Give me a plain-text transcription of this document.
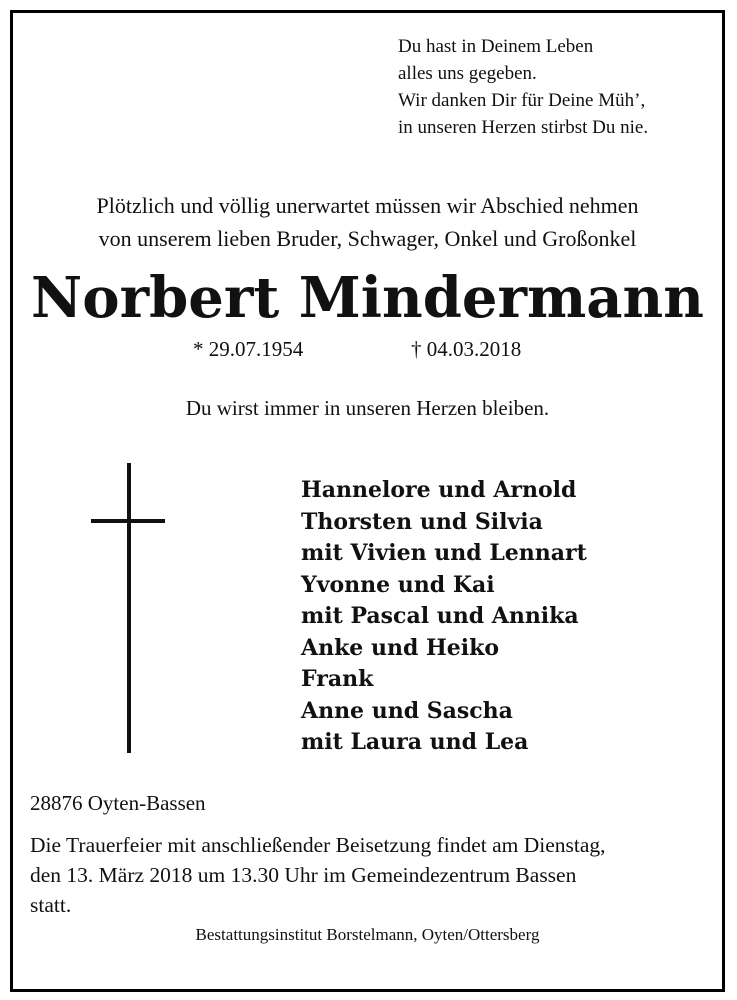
Du hast in Deinem Leben
alles uns gegeben.
Wir danken Dir für Deine Müh’,
in unseren Herzen stirbst Du nie.
Plötzlich und völlig unerwartet müssen wir Abschied nehmen
von unserem lieben Bruder, Schwager, Onkel und Großonkel
Norbert Mindermann
* 29.07.1954	† 04.03.2018
Du wirst immer in unseren Herzen bleiben.
Hannelore und Arnold
Thorsten und Silvia
mit Vivien und Lennart
Yvonne und Kai
mit Pascal und Annika
Anke und Heiko
Frank
Anne und Sascha
mit Laura und Lea
28876 Oyten-Bassen
Die Trauerfeier mit anschließender Beisetzung findet am Dienstag,
den 13. März 2018 um 13.30 Uhr im Gemeindezentrum Bassen
statt.
Bestattungsinstitut Borstelmann, Oyten/Ottersberg
